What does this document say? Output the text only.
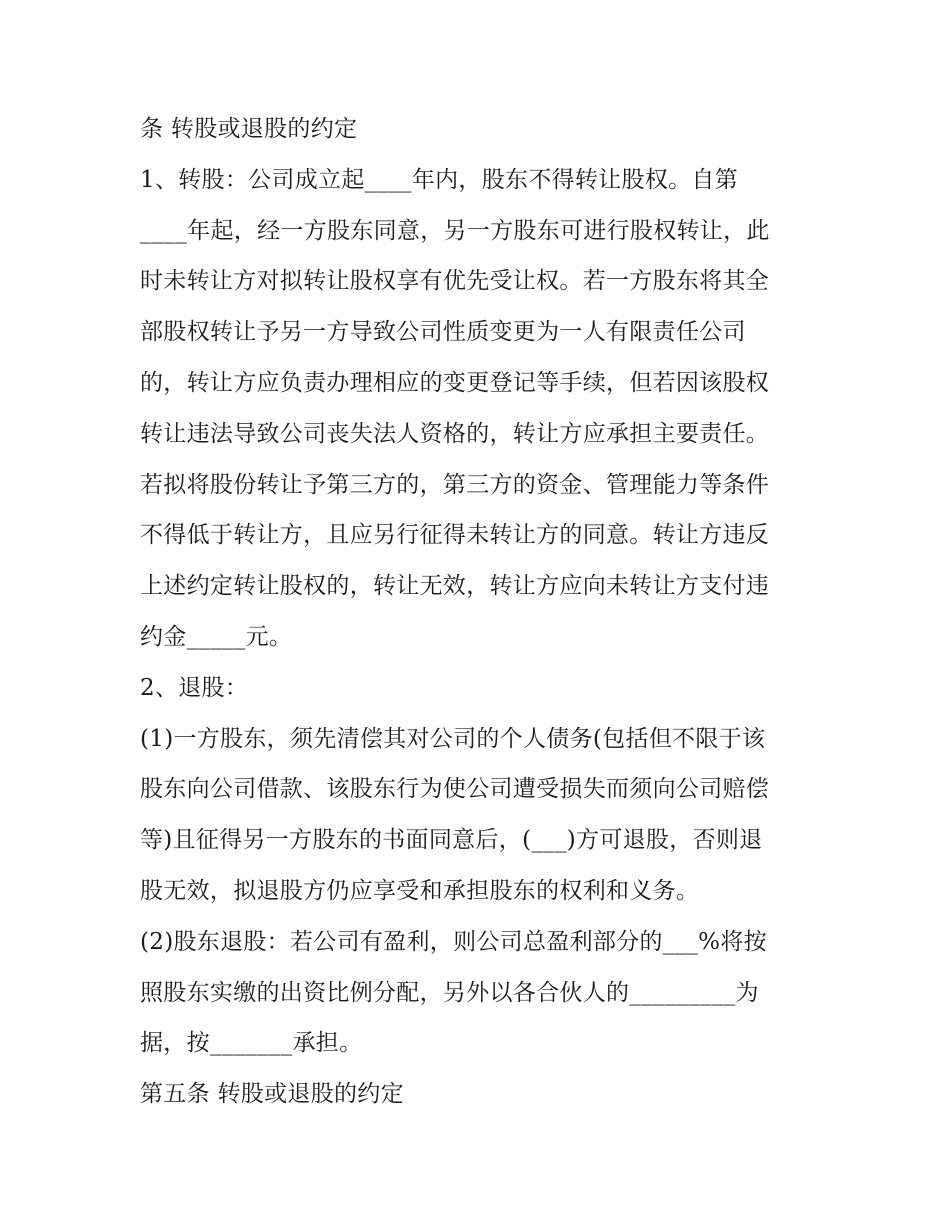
条 转股或退股的约定
1、转股：公司成立起____年内，股东不得转让股权。自第
____年起，经一方股东同意，另一方股东可进行股权转让，此
时未转让方对拟转让股权享有优先受让权。若一方股东将其全
部股权转让予另一方导致公司性质变更为一人有限责任公司
的，转让方应负责办理相应的变更登记等手续，但若因该股权
转让违法导致公司丧失法人资格的，转让方应承担主要责任。
若拟将股份转让予第三方的，第三方的资金、管理能力等条件
不得低于转让方，且应另行征得未转让方的同意。转让方违反
上述约定转让股权的，转让无效，转让方应向未转让方支付违
约金_____元。
2、退股：
(1)一方股东，须先清偿其对公司的个人债务(包括但不限于该
股东向公司借款、该股东行为使公司遭受损失而须向公司赔偿
等)且征得另一方股东的书面同意后，(___)方可退股，否则退
股无效，拟退股方仍应享受和承担股东的权利和义务。
(2)股东退股：若公司有盈利，则公司总盈利部分的___%将按
照股东实缴的出资比例分配，另外以各合伙人的_________为
据，按_______承担。
第五条 转股或退股的约定
